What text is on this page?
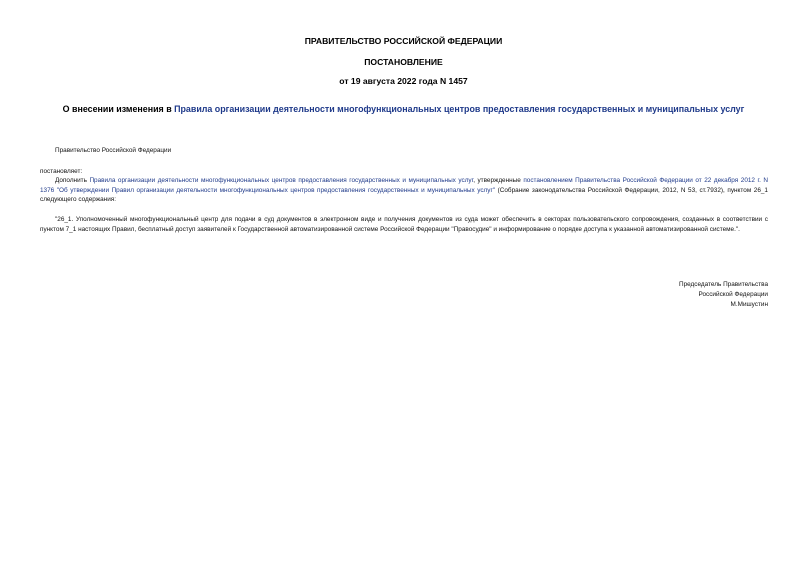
ПРАВИТЕЛЬСТВО РОССИЙСКОЙ ФЕДЕРАЦИИ
ПОСТАНОВЛЕНИЕ
от 19 августа 2022 года N 1457
О внесении изменения в Правила организации деятельности многофункциональных центров предоставления государственных и муниципальных услуг
Правительство Российской Федерации
постановляет:
Дополнить Правила организации деятельности многофункциональных центров предоставления государственных и муниципальных услуг, утвержденные постановлением Правительства Российской Федерации от 22 декабря 2012 г. N 1376 "Об утверждении Правил организации деятельности многофункциональных центров предоставления государственных и муниципальных услуг" (Собрание законодательства Российской Федерации, 2012, N 53, ст.7932), пунктом 26_1 следующего содержания:
"26_1. Уполномоченный многофункциональный центр для подачи в суд документов в электронном виде и получения документов из суда может обеспечить в секторах пользовательского сопровождения, созданных в соответствии с пунктом 7_1 настоящих Правил, бесплатный доступ заявителей к Государственной автоматизированной системе Российской Федерации "Правосудие" и информирование о порядке доступа к указанной автоматизированной системе.".
Председатель Правительства
Российской Федерации
М.Мишустин
